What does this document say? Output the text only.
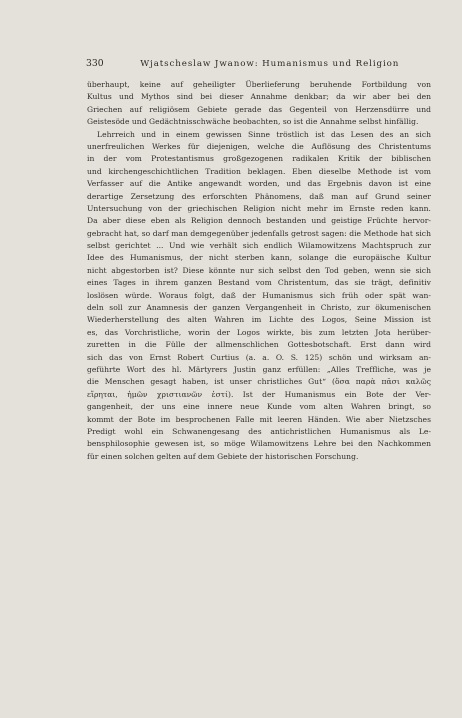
330	Wjatscheslaw Jwanow: Humanismus und Religion
überhaupt, keine auf geheiligter Überlieferung beruhende Fortbildung von
Kultus und Mythos sind bei dieser Annahme denkbar; da wir aber bei den
Griechen auf religiösem Gebiete gerade das Gegenteil von Herzensdürre und
Geistesöde und Gedächtnisschwäche beobachten, so ist die Annahme selbst hinfällig.
Lehrreich und in einem gewissen Sinne tröstlich ist das Lesen des an sich
unerfreulichen Werkes für diejenigen, welche die Auflösung des Christentums
in der vom Protestantismus großgezogenen radikalen Kritik der biblischen
und kirchengeschichtlichen Tradition beklagen. Eben dieselbe Methode ist vom
Verfasser auf die Antike angewandt worden, und das Ergebnis davon ist eine
derartige Zersetzung des erforschten Phänomens, daß man auf Grund seiner
Untersuchung von der griechischen Religion nicht mehr im Ernste reden kann.
Da aber diese eben als Religion dennoch bestanden und geistige Früchte hervor-
gebracht hat, so darf man demgegenüber jedenfalls getrost sagen: die Methode hat sich
selbst gerichtet ... Und wie verhält sich endlich Wilamowitzens Machtspruch zur
Idee des Humanismus, der nicht sterben kann, solange die europäische Kultur
nicht abgestorben ist? Diese könnte nur sich selbst den Tod geben, wenn sie sich
eines Tages in ihrem ganzen Bestand vom Christentum, das sie trägt, definitiv
loslösen würde. Woraus folgt, daß der Humanismus sich früh oder spät wan-
deln soll zur Anamnesis der ganzen Vergangenheit in Christo, zur ökumenischen
Wiederherstellung des alten Wahren im Lichte des Logos, Seine Mission ist
es, das Vorchristliche, worin der Logos wirkte, bis zum letzten Jota herüber-
zuretten in die Fülle der allmenschlichen Gottesbotschaft. Erst dann wird
sich das von Ernst Robert Curtius (a. a. O. S. 125) schön und wirksam an-
geführte Wort des hl. Märtyrers Justin ganz erfüllen: „Alles Treffliche, was je
die Menschen gesagt haben, ist unser christliches Gut“ (ὅσα παρὰ πᾶσι καλῶς
εἴρηται, ἡμῶν χριστιανῶν ἐστί). Ist der Humanismus ein Bote der Ver-
gangenheit, der uns eine innere neue Kunde vom alten Wahren bringt, so
kommt der Bote im besprochenen Falle mit leeren Händen. Wie aber Nietzsches
Predigt wohl ein Schwanengesang des antichristlichen Humanismus als Le-
bensphilosophie gewesen ist, so möge Wilamowitzens Lehre bei den Nachkommen
für einen solchen gelten auf dem Gebiete der historischen Forschung.
